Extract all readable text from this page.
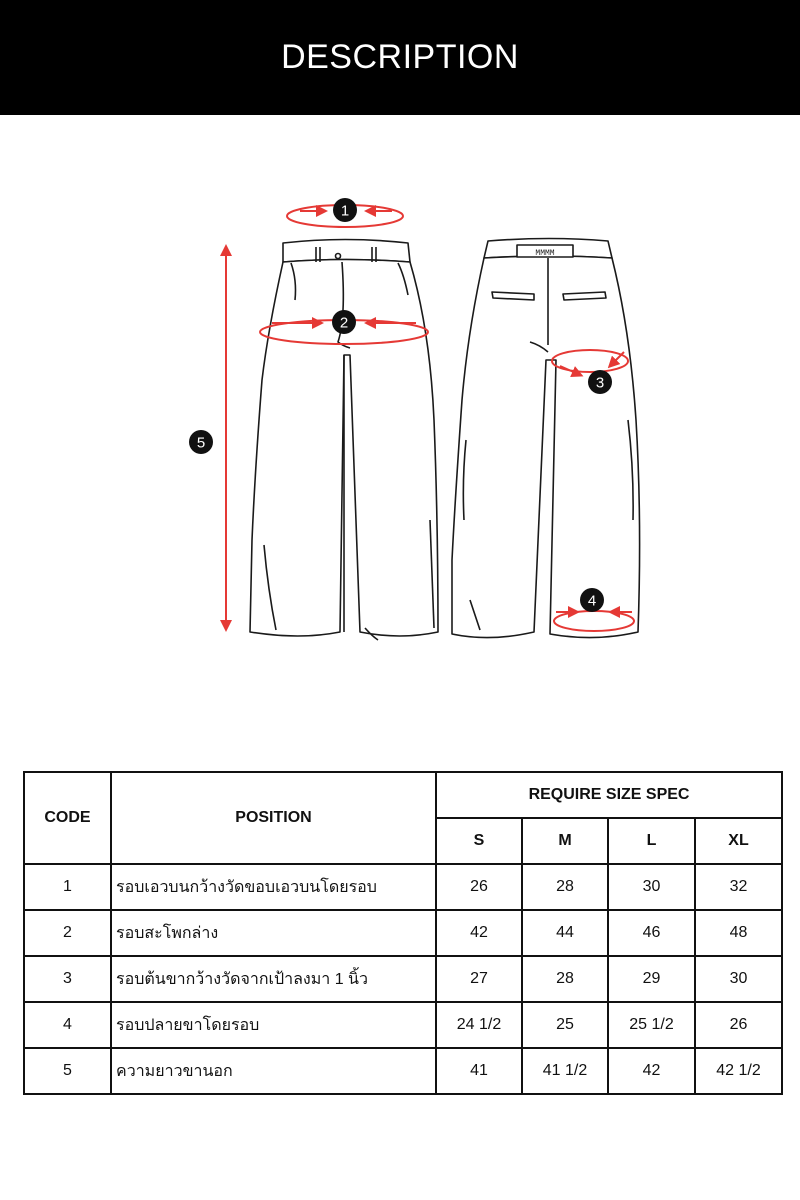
DESCRIPTION
MMMM
1
2
3
4
5
CODE	POSITION	REQUIRE SIZE SPEC			
		S	M	L	XL
1	รอบเอวบนกว้างวัดขอบเอวบนโดยรอบ	26	28	30	32
2	รอบสะโพกล่าง	42	44	46	48
3	รอบต้นขากว้างวัดจากเป้าลงมา 1 นิ้ว	27	28	29	30
4	รอบปลายขาโดยรอบ	24 1/2	25	25 1/2	26
5	ความยาวขานอก	41	41 1/2	42	42 1/2
